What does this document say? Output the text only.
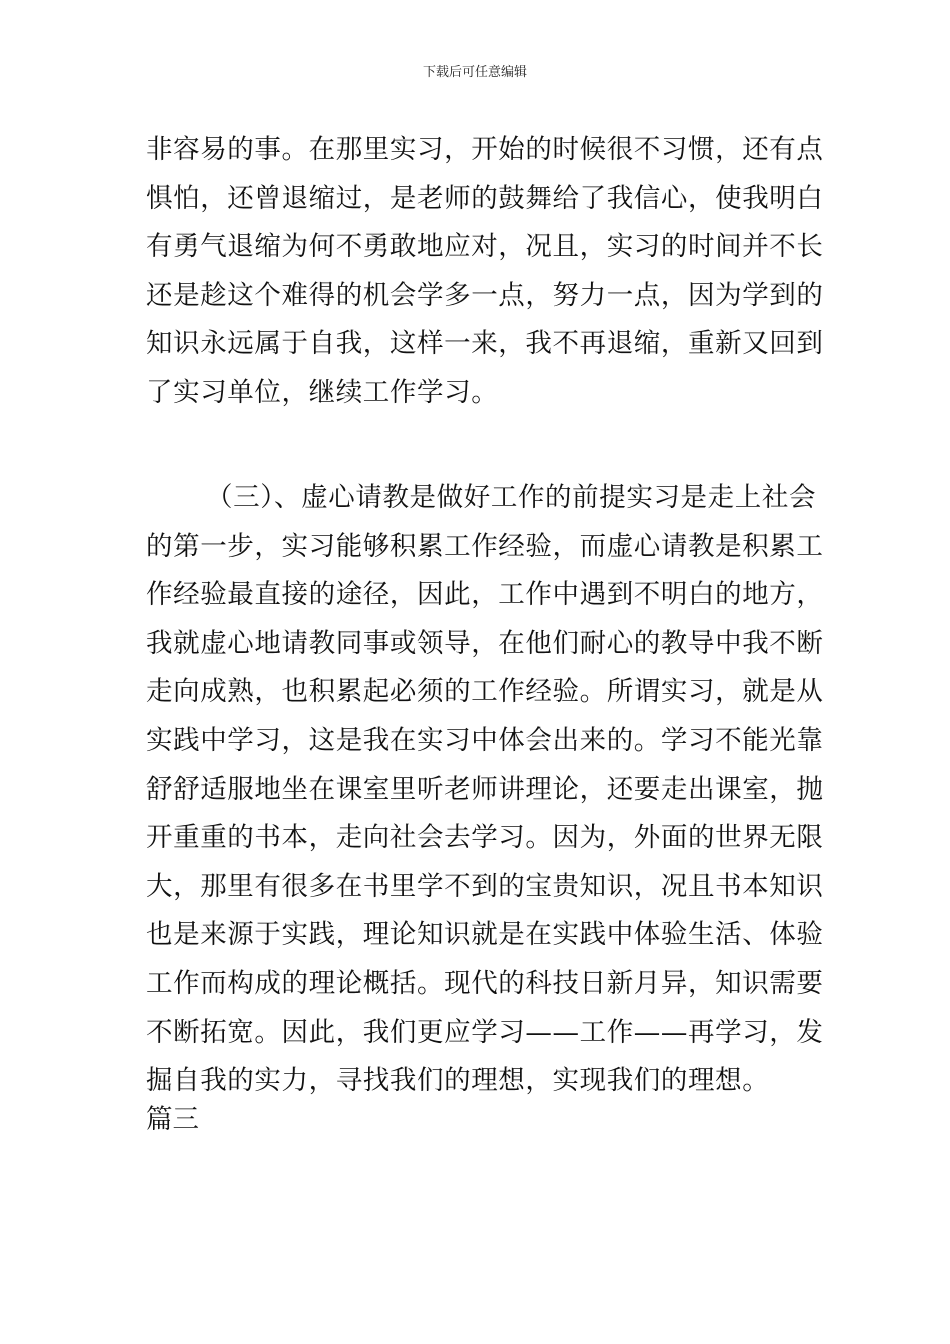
下载后可任意编辑
非容易的事。在那里实习，开始的时候很不习惯，还有点
惧怕，还曾退缩过，是老师的鼓舞给了我信心，使我明白
有勇气退缩为何不勇敢地应对，况且，实习的时间并不长
还是趁这个难得的机会学多一点，努力一点，因为学到的
知识永远属于自我，这样一来，我不再退缩，重新又回到
了实习单位，继续工作学习。
（三）、虚心请教是做好工作的前提实习是走上社会
的第一步，实习能够积累工作经验，而虚心请教是积累工
作经验最直接的途径，因此，工作中遇到不明白的地方，
我就虚心地请教同事或领导，在他们耐心的教导中我不断
走向成熟，也积累起必须的工作经验。所谓实习，就是从
实践中学习，这是我在实习中体会出来的。学习不能光靠
舒舒适服地坐在课室里听老师讲理论，还要走出课室，抛
开重重的书本，走向社会去学习。因为，外面的世界无限
大，那里有很多在书里学不到的宝贵知识，况且书本知识
也是来源于实践，理论知识就是在实践中体验生活、体验
工作而构成的理论概括。现代的科技日新月异，知识需要
不断拓宽。因此，我们更应学习——工作——再学习，发
掘自我的实力，寻找我们的理想，实现我们的理想。
篇三
